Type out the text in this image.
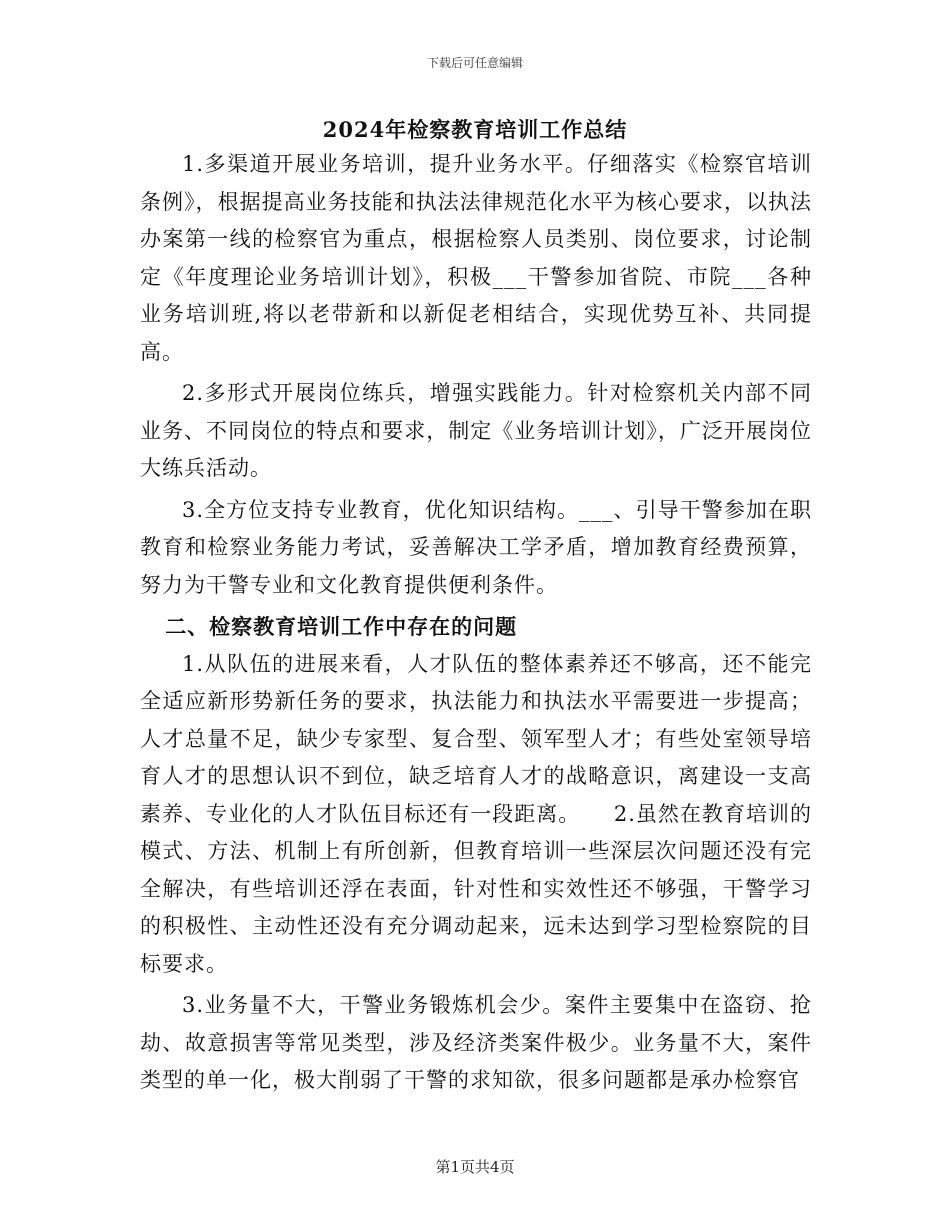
下载后可任意编辑
2024年检察教育培训工作总结

1.多渠道开展业务培训，提升业务水平。仔细落实《检察官培训条例》，根据提高业务技能和执法法律规范化水平为核心要求，以执法办案第一线的检察官为重点，根据检察人员类别、岗位要求，讨论制定《年度理论业务培训计划》，积极___干警参加省院、市院___各种业务培训班,将以老带新和以新促老相结合，实现优势互补、共同提高。

2.多形式开展岗位练兵，增强实践能力。针对检察机关内部不同业务、不同岗位的特点和要求，制定《业务培训计划》，广泛开展岗位大练兵活动。

3.全方位支持专业教育，优化知识结构。___、引导干警参加在职教育和检察业务能力考试，妥善解决工学矛盾，增加教育经费预算，努力为干警专业和文化教育提供便利条件。

二、检察教育培训工作中存在的问题

1.从队伍的进展来看，人才队伍的整体素养还不够高，还不能完全适应新形势新任务的要求，执法能力和执法水平需要进一步提高；人才总量不足，缺少专家型、复合型、领军型人才；有些处室领导培育人才的思想认识不到位，缺乏培育人才的战略意识，离建设一支高素养、专业化的人才队伍目标还有一段距离。　　2.虽然在教育培训的模式、方法、机制上有所创新，但教育培训一些深层次问题还没有完全解决，有些培训还浮在表面，针对性和实效性还不够强，干警学习的积极性、主动性还没有充分调动起来，远未达到学习型检察院的目标要求。

3.业务量不大，干警业务锻炼机会少。案件主要集中在盗窃、抢劫、故意损害等常见类型，涉及经济类案件极少。业务量不大，案件类型的单一化，极大削弱了干警的求知欲，很多问题都是承办检察官

第1页共4页
